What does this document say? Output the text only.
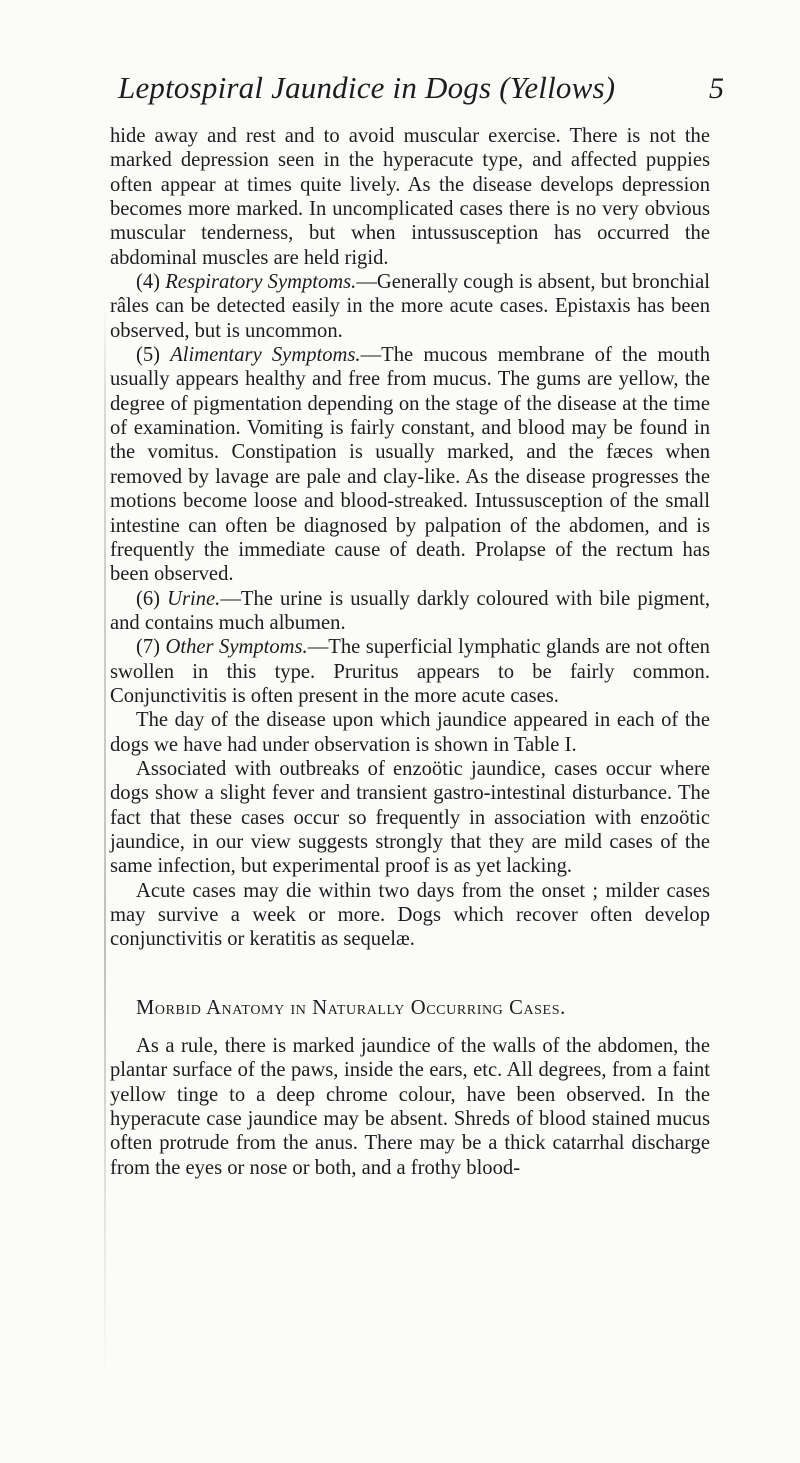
Leptospiral Jaundice in Dogs (Yellows)	5

hide away and rest and to avoid muscular exercise. There is not the marked depression seen in the hyperacute type, and affected puppies often appear at times quite lively. As the disease develops depression becomes more marked. In uncomplicated cases there is no very obvious muscular tenderness, but when intussusception has occurred the abdominal muscles are held rigid.

(4) Respiratory Symptoms.—Generally cough is absent, but bronchial râles can be detected easily in the more acute cases. Epistaxis has been observed, but is uncommon.

(5) Alimentary Symptoms.—The mucous membrane of the mouth usually appears healthy and free from mucus. The gums are yellow, the degree of pigmentation depending on the stage of the disease at the time of examination. Vomiting is fairly constant, and blood may be found in the vomitus. Constipation is usually marked, and the fæces when removed by lavage are pale and clay-like. As the disease progresses the motions become loose and blood-streaked. Intussusception of the small intestine can often be diagnosed by palpation of the abdomen, and is frequently the immediate cause of death. Prolapse of the rectum has been observed.

(6) Urine.—The urine is usually darkly coloured with bile pigment, and contains much albumen.

(7) Other Symptoms.—The superficial lymphatic glands are not often swollen in this type. Pruritus appears to be fairly common. Conjunctivitis is often present in the more acute cases.

The day of the disease upon which jaundice appeared in each of the dogs we have had under observation is shown in Table I.

Associated with outbreaks of enzoötic jaundice, cases occur where dogs show a slight fever and transient gastro-intestinal disturbance. The fact that these cases occur so frequently in association with enzoötic jaundice, in our view suggests strongly that they are mild cases of the same infection, but experimental proof is as yet lacking.

Acute cases may die within two days from the onset ; milder cases may survive a week or more. Dogs which recover often develop conjunctivitis or keratitis as sequelæ.

Morbid Anatomy in Naturally Occurring Cases.

As a rule, there is marked jaundice of the walls of the abdomen, the plantar surface of the paws, inside the ears, etc. All degrees, from a faint yellow tinge to a deep chrome colour, have been observed. In the hyperacute case jaundice may be absent. Shreds of blood stained mucus often protrude from the anus. There may be a thick catarrhal discharge from the eyes or nose or both, and a frothy blood-
